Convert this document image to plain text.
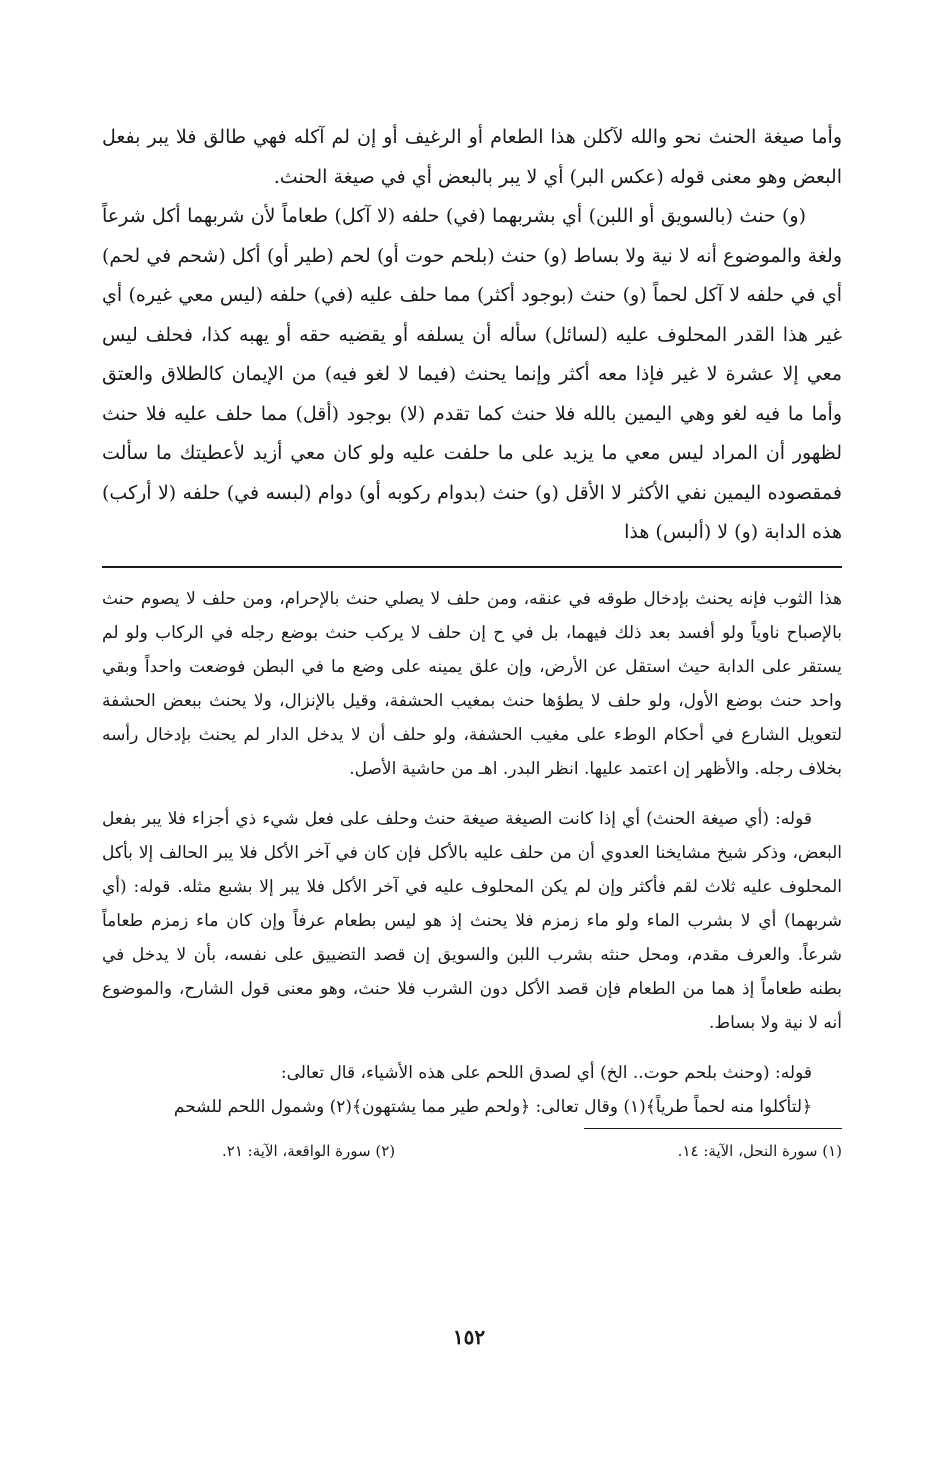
وأما صيغة الحنث نحو والله لآكلن هذا الطعام أو الرغيف أو إن لم آكله فهي طالق فلا يبر بفعل البعض وهو معنى قوله (عكس البر) أي لا يبر بالبعض أي في صيغة الحنث.

(و) حنث (بالسويق أو اللبن) أي بشربهما (في) حلفه (لا آكل) طعاماً لأن شربهما أكل شرعاً ولغة والموضوع أنه لا نية ولا بساط (و) حنث (بلحم حوت أو) لحم (طير أو) أكل (شحم في لحم) أي في حلفه لا آكل لحماً (و) حنث (بوجود أكثر) مما حلف عليه (في) حلفه (ليس معي غيره) أي غير هذا القدر المحلوف عليه (لسائل) سأله أن يسلفه أو يقضيه حقه أو يهبه كذا، فحلف ليس معي إلا عشرة لا غير فإذا معه أكثر وإنما يحنث (فيما لا لغو فيه) من الإيمان كالطلاق والعتق وأما ما فيه لغو وهي اليمين بالله فلا حنث كما تقدم (لا) بوجود (أقل) مما حلف عليه فلا حنث لظهور أن المراد ليس معي ما يزيد على ما حلفت عليه ولو كان معي أزيد لأعطيتك ما سألت فمقصوده اليمين نفي الأكثر لا الأقل (و) حنث (بدوام ركوبه أو) دوام (لبسه في) حلفه (لا أركب) هذه الدابة (و) لا (ألبس) هذا

هذا الثوب فإنه يحنث بإدخال طوقه في عنقه، ومن حلف لا يصلي حنث بالإحرام، ومن حلف لا يصوم حنث بالإصباح ناوياً ولو أفسد بعد ذلك فيهما، بل في ح إن حلف لا يركب حنث بوضع رجله في الركاب ولو لم يستقر على الدابة حيث استقل عن الأرض، وإن علق يمينه على وضع ما في البطن فوضعت واحداً وبقي واحد حنث بوضع الأول، ولو حلف لا يطؤها حنث بمغيب الحشفة، وقيل بالإنزال، ولا يحنث ببعض الحشفة لتعويل الشارع في أحكام الوطء على مغيب الحشفة، ولو حلف أن لا يدخل الدار لم يحنث بإدخال رأسه بخلاف رجله. والأظهر إن اعتمد عليها. انظر البدر. اهـ من حاشية الأصل.

قوله: (أي صيغة الحنث) أي إذا كانت الصيغة صيغة حنث وحلف على فعل شيء ذي أجزاء فلا يبر بفعل البعض، وذكر شيخ مشايخنا العدوي أن من حلف عليه بالأكل فإن كان في آخر الأكل فلا يبر الحالف إلا بأكل المحلوف عليه ثلاث لقم فأكثر وإن لم يكن المحلوف عليه في آخر الأكل فلا يبر إلا بشبع مثله. قوله: (أي شربهما) أي لا بشرب الماء ولو ماء زمزم فلا يحنث إذ هو ليس بطعام عرفاً وإن كان ماء زمزم طعاماً شرعاً. والعرف مقدم، ومحل حنثه بشرب اللبن والسويق إن قصد التضييق على نفسه، بأن لا يدخل في بطنه طعاماً إذ هما من الطعام فإن قصد الأكل دون الشرب فلا حنث، وهو معنى قول الشارح، والموضوع أنه لا نية ولا بساط.

قوله: (وحنث بلحم حوت.. الخ) أي لصدق اللحم على هذه الأشياء، قال تعالى:
﴿لتأكلوا منه لحماً طرياً﴾(١) وقال تعالى: ﴿ولحم طير مما يشتهون﴾(٢) وشمول اللحم للشحم

(١) سورة النحل، الآية: ١٤.
(٢) سورة الواقعة، الآية: ٢١.
١٥٢
